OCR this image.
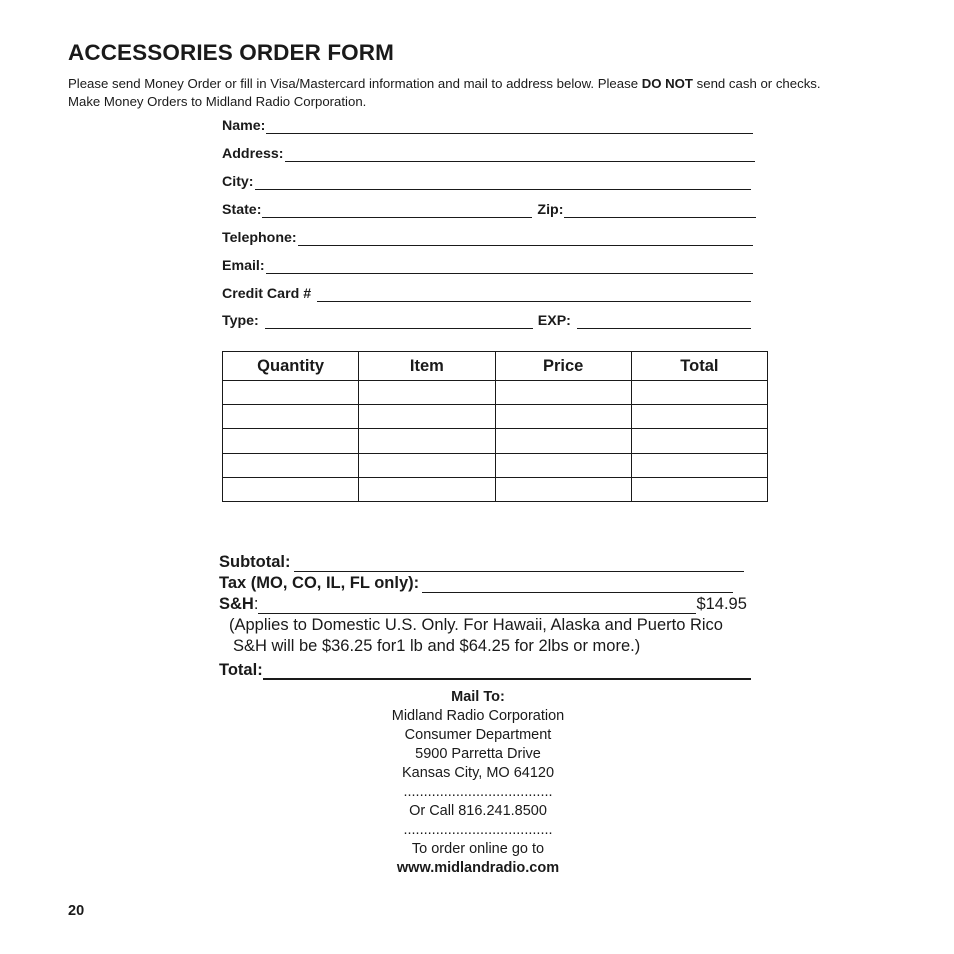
ACCESSORIES ORDER FORM
Please send Money Order or fill in Visa/Mastercard information and mail to address below. Please DO NOT send cash or checks.
Make Money Orders to Midland Radio Corporation.
Name:
Address:
City:
State:	Zip:
Telephone:
Email:
Credit Card #
Type:	EXP:
Quantity	Item	Price	Total

Subtotal:
Tax (MO, CO, IL, FL only):
S&H :	$14.95
(Applies to Domestic U.S. Only. For Hawaii, Alaska and Puerto Rico
S&H will be $36.25 for1 lb and $64.25 for 2lbs or more.)
Total:
Mail To:
Midland Radio Corporation
Consumer Department
5900 Parretta Drive
Kansas City, MO 64120
.....................................
Or Call 816.241.8500
.....................................
To order online go to
www.midlandradio.com
20
